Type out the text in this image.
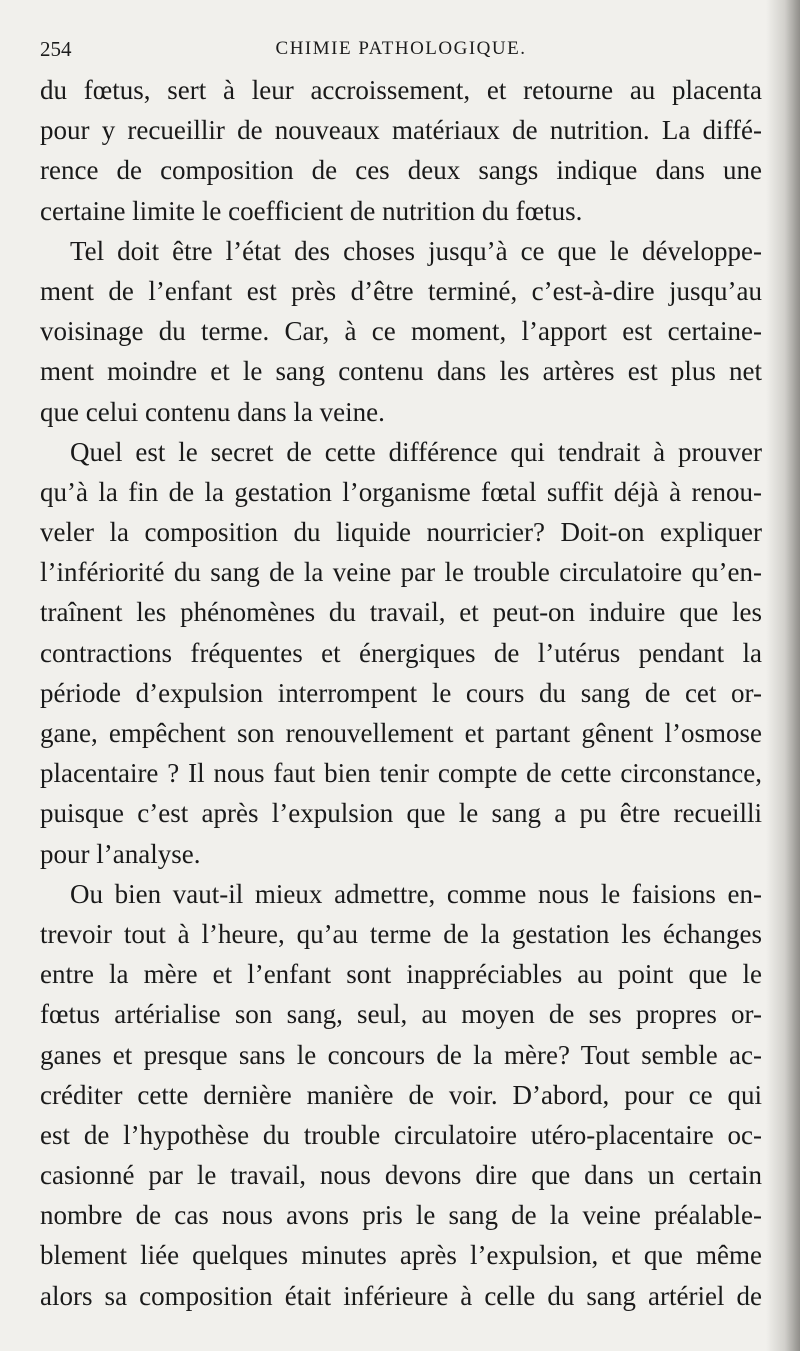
254	CHIMIE PATHOLOGIQUE.
du fœtus, sert à leur accroissement, et retourne au placenta
pour y recueillir de nouveaux matériaux de nutrition. La diffé-
rence de composition de ces deux sangs indique dans une
certaine limite le coefficient de nutrition du fœtus.
Tel doit être l’état des choses jusqu’à ce que le développe-
ment de l’enfant est près d’être terminé, c’est-à-dire jusqu’au
voisinage du terme. Car, à ce moment, l’apport est certaine-
ment moindre et le sang contenu dans les artères est plus net
que celui contenu dans la veine.
Quel est le secret de cette différence qui tendrait à prouver
qu’à la fin de la gestation l’organisme fœtal suffit déjà à renou-
veler la composition du liquide nourricier? Doit-on expliquer
l’infériorité du sang de la veine par le trouble circulatoire qu’en-
traînent les phénomènes du travail, et peut-on induire que les
contractions fréquentes et énergiques de l’utérus pendant la
période d’expulsion interrompent le cours du sang de cet or-
gane, empêchent son renouvellement et partant gênent l’osmose
placentaire ? Il nous faut bien tenir compte de cette circonstance,
puisque c’est après l’expulsion que le sang a pu être recueilli
pour l’analyse.
Ou bien vaut-il mieux admettre, comme nous le faisions en-
trevoir tout à l’heure, qu’au terme de la gestation les échanges
entre la mère et l’enfant sont inappréciables au point que le
fœtus artérialise son sang, seul, au moyen de ses propres or-
ganes et presque sans le concours de la mère? Tout semble ac-
créditer cette dernière manière de voir. D’abord, pour ce qui
est de l’hypothèse du trouble circulatoire utéro-placentaire oc-
casionné par le travail, nous devons dire que dans un certain
nombre de cas nous avons pris le sang de la veine préalable-
blement liée quelques minutes après l’expulsion, et que même
alors sa composition était inférieure à celle du sang artériel de
